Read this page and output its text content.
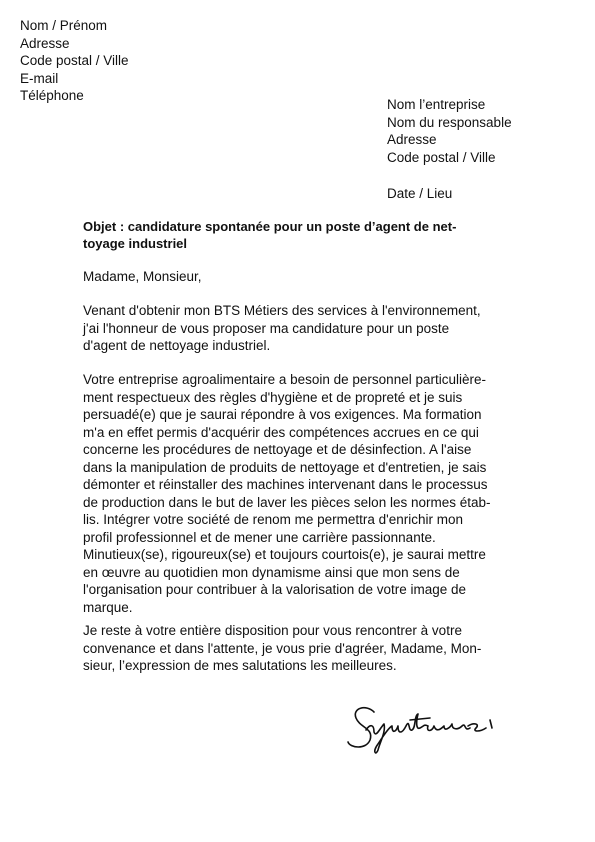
Nom / Prénom
Adresse
Code postal / Ville
E-mail
Téléphone
Nom l’entreprise
Nom du responsable
Adresse
Code postal / Ville
Date / Lieu
Objet : candidature spontanée pour un poste d’agent de net-
toyage industriel
Madame, Monsieur,
Venant d'obtenir mon BTS Métiers des services à l'environnement,
j'ai l'honneur de vous proposer ma candidature pour un poste
d'agent de nettoyage industriel.
Votre entreprise agroalimentaire a besoin de personnel particulière-
ment respectueux des règles d'hygiène et de propreté et je suis
persuadé(e) que je saurai répondre à vos exigences. Ma formation
m'a en effet permis d'acquérir des compétences accrues en ce qui
concerne les procédures de nettoyage et de désinfection. A l'aise
dans la manipulation de produits de nettoyage et d'entretien, je sais
démonter et réinstaller des machines intervenant dans le processus
de production dans le but de laver les pièces selon les normes étab-
lis. Intégrer votre société de renom me permettra d'enrichir mon
profil professionnel et de mener une carrière passionnante.
Minutieux(se), rigoureux(se) et toujours courtois(e), je saurai mettre
en œuvre au quotidien mon dynamisme ainsi que mon sens de
l'organisation pour contribuer à la valorisation de votre image de
marque.
Je reste à votre entière disposition pour vous rencontrer à votre
convenance et dans l'attente, je vous prie d'agréer, Madame, Mon-
sieur, l’expression de mes salutations les meilleures.
